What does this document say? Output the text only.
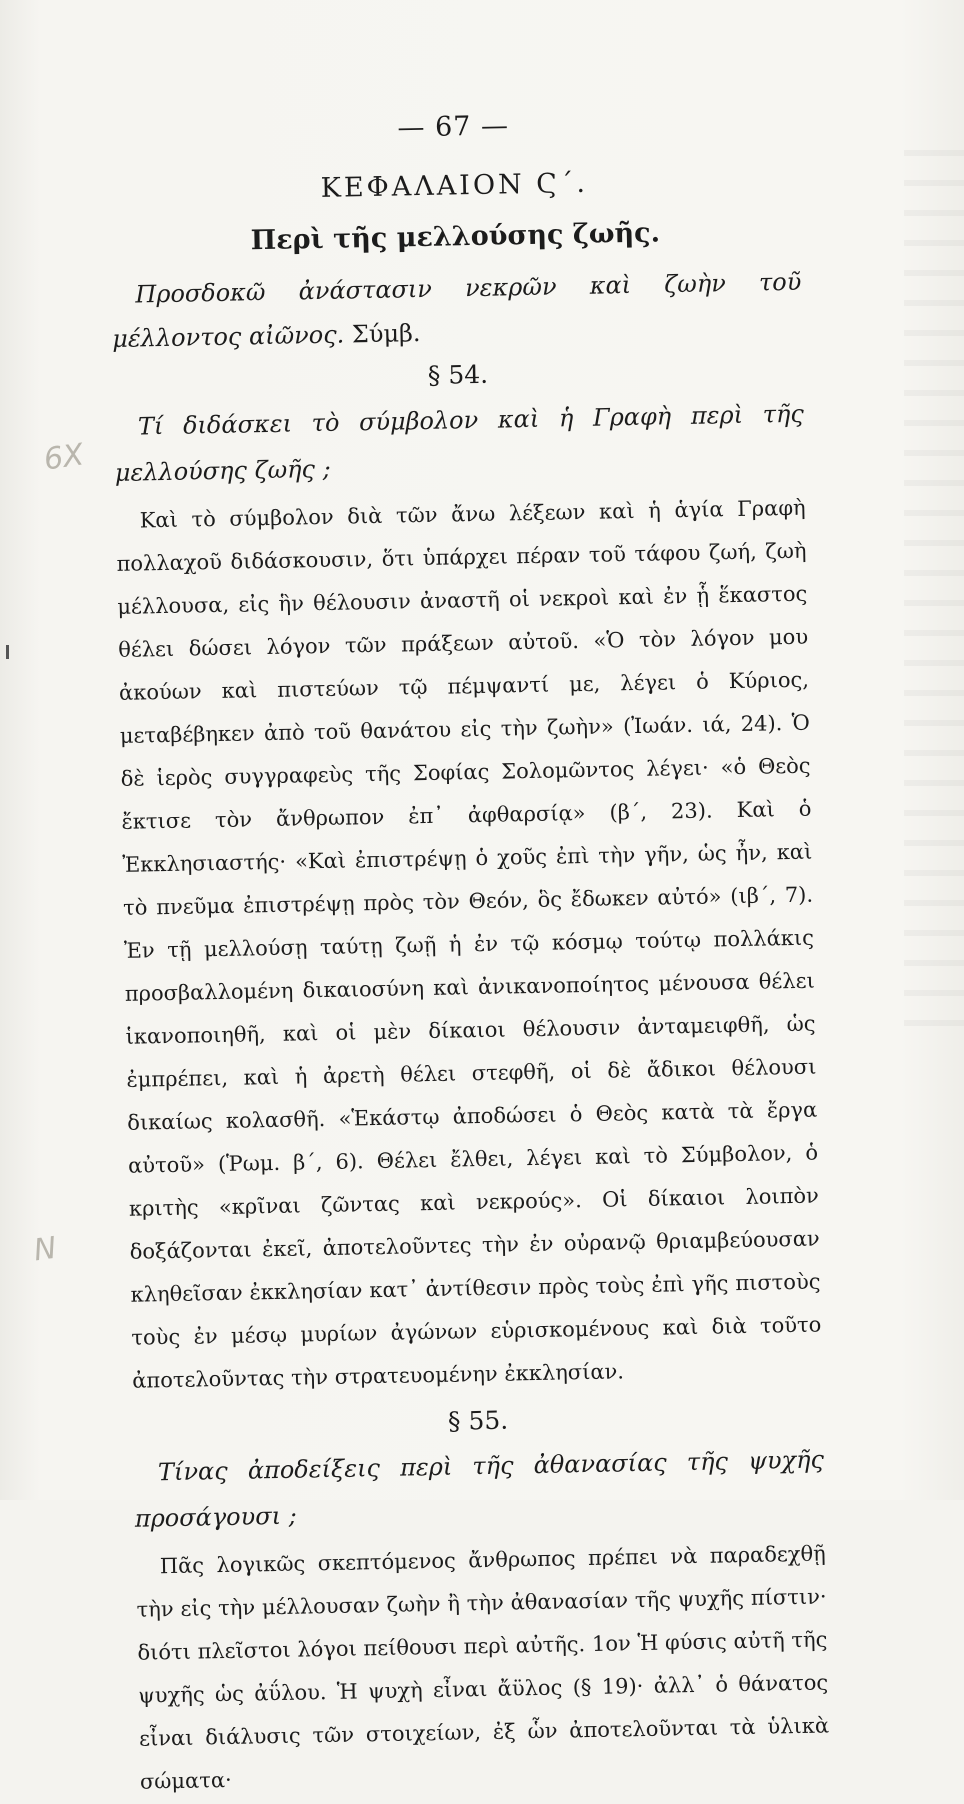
6X
Ν
— 67 —
ΚΕΦΑΛΑΙΟΝ Ϛ΄.
Περὶ τῆς μελλούσης ζωῆς.

Προσδοκῶ ἀνάστασιν νεκρῶν καὶ ζωὴν τοῦ μέλλοντος αἰῶνος. Σύμβ.

§ 54.

Τί διδάσκει τὸ σύμβολον καὶ ἡ Γραφὴ περὶ τῆς μελλούσης ζωῆς ;

Καὶ τὸ σύμβολον διὰ τῶν ἄνω λέξεων καὶ ἡ ἁγία Γραφὴ πολλαχοῦ διδάσκουσιν, ὅτι ὑπάρχει πέραν τοῦ τάφου ζωή, ζωὴ μέλλουσα, εἰς ἣν θέλουσιν ἀναστῆ οἱ νεκροὶ καὶ ἐν ᾗ ἕκαστος θέλει δώσει λόγον τῶν πράξεων αὐτοῦ. «Ὁ τὸν λόγον μου ἀκούων καὶ πιστεύων τῷ πέμψαντί με, λέγει ὁ Κύριος, μεταβέβηκεν ἀπὸ τοῦ θανάτου εἰς τὴν ζωὴν» (Ἰωάν. ιά, 24). Ὁ δὲ ἱερὸς συγγραφεὺς τῆς Σοφίας Σολομῶντος λέγει· «ὁ Θεὸς ἔκτισε τὸν ἄνθρωπον ἐπ᾽ ἀφθαρσίᾳ» (β΄, 23). Καὶ ὁ Ἐκκλησιαστής· «Καὶ ἐπιστρέψῃ ὁ χοῦς ἐπὶ τὴν γῆν, ὡς ἦν, καὶ τὸ πνεῦμα ἐπιστρέψῃ πρὸς τὸν Θεόν, ὃς ἔδωκεν αὐτό» (ιβ΄, 7). Ἐν τῇ μελλούσῃ ταύτῃ ζωῇ ἡ ἐν τῷ κόσμῳ τούτῳ πολλάκις προσβαλλομένη δικαιοσύνη καὶ ἀνικανοποίητος μένουσα θέλει ἱκανοποιηθῆ, καὶ οἱ μὲν δίκαιοι θέλουσιν ἀνταμειφθῆ, ὡς ἐμπρέπει, καὶ ἡ ἀρετὴ θέλει στεφθῆ, οἱ δὲ ἄδικοι θέλουσι δικαίως κολασθῆ. «Ἑκάστῳ ἀποδώσει ὁ Θεὸς κατὰ τὰ ἔργα αὐτοῦ» (Ῥωμ. β΄, 6). Θέλει ἔλθει, λέγει καὶ τὸ Σύμβολον, ὁ κριτὴς «κρῖναι ζῶντας καὶ νεκρούς». Οἱ δίκαιοι λοιπὸν δοξάζονται ἐκεῖ, ἀποτελοῦντες τὴν ἐν οὐρανῷ θριαμβεύουσαν κληθεῖσαν ἐκκλησίαν κατ᾽ ἀντίθεσιν πρὸς τοὺς ἐπὶ γῆς πιστοὺς τοὺς ἐν μέσῳ μυρίων ἀγώνων εὑρισκομένους καὶ διὰ τοῦτο ἀποτελοῦντας τὴν στρατευομένην ἐκκλησίαν.

§ 55.

Τίνας ἀποδείξεις περὶ τῆς ἀθανασίας τῆς ψυχῆς προσάγουσι ;

Πᾶς λογικῶς σκεπτόμενος ἄνθρωπος πρέπει νὰ παραδεχθῇ τὴν εἰς τὴν μέλλουσαν ζωὴν ἢ τὴν ἀθανασίαν τῆς ψυχῆς πίστιν· διότι πλεῖστοι λόγοι πείθουσι περὶ αὐτῆς. 1ον Ἡ φύσις αὐτῆ τῆς ψυχῆς ὡς ἀΰλου. Ἡ ψυχὴ εἶναι ἄϋλος (§ 19)· ἀλλ᾽ ὁ θάνατος εἶναι διάλυσις τῶν στοιχείων, ἐξ ὧν ἀποτελοῦνται τὰ ὑλικὰ σώματα·
